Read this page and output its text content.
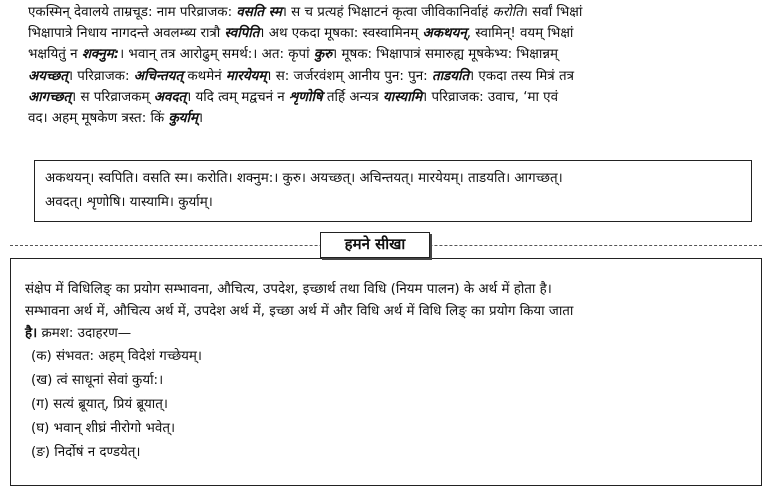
एकस्मिन् देवालये ताम्रचूड: नाम परिव्राजक: वसति स्म। स च प्रत्यहं भिक्षाटनं कृत्वा जीविकानिर्वाहं करोति। सर्वां भिक्षां
भिक्षापात्रे निधाय नागदन्ते अवलम्ब्य रात्रौ स्वपिति। अथ एकदा मूषका: स्वस्वामिनम् अकथयन्, स्वामिन्! वयम् भिक्षां
भक्षयितुं न शक्नुम:। भवान् तत्र आरोढुम् समर्थ:। अत: कृपां कुरु। मूषक: भिक्षापात्रं समारुह्य मूषकेभ्य: भिक्षान्नम्
अयच्छत्। परिव्राजक: अचिन्तयत् कथमेनं मारयेयम्। स: जर्जरवंशम् आनीय पुन: पुन: ताडयति। एकदा तस्य मित्रं तत्र
आगच्छत्। स परिव्राजकम् अवदत्। यदि त्वम् मद्वचनं न शृणोषि तर्हि अन्यत्र यास्यामि। परिव्राजक: उवाच, ‘मा एवं
वद। अहम् मूषकेण त्रस्त: किं कुर्याम्।
अकथयन्। स्वपिति। वसति स्म। करोति। शक्नुम:। कुरु। अयच्छत्। अचिन्तयत्। मारयेयम्। ताडयति। आगच्छत्।
अवदत्। शृणोषि। यास्यामि। कुर्याम्।
संक्षेप में विधिलिङ् का प्रयोग सम्भावना, औचित्य, उपदेश, इच्छार्थ तथा विधि (नियम पालन) के अर्थ में होता है।
सम्भावना अर्थ में, औचित्य अर्थ में, उपदेश अर्थ में, इच्छा अर्थ में और विधि अर्थ में विधि लिङ् का प्रयोग किया जाता
है। क्रमश: उदाहरण—
(क) संभवत: अहम् विदेशं गच्छेयम्।
(ख) त्वं साधूनां सेवां कुर्या:।
(ग) सत्यं ब्रूयात्, प्रियं ब्रूयात्।
(घ) भवान् शीघ्रं नीरोगो भवेत्।
(ङ) निर्दोषं न दण्डयेत्।
हमने सीखा
